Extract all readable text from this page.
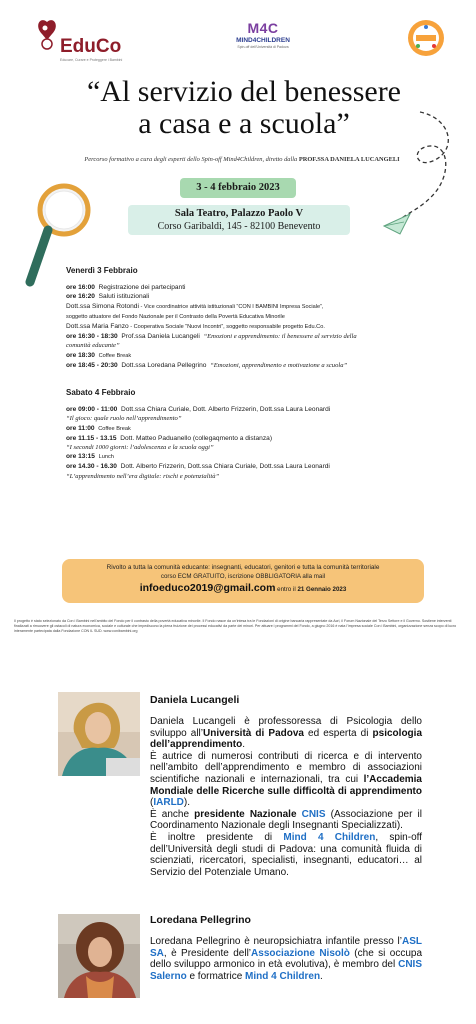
EduCo
Educare, Curare e Proteggere i Bambini
M4C
MIND4CHILDREN
Spin-off dell'Università di Padova
“Al servizio del benessere
a casa e a scuola”
Percorso formativo a cura degli esperti dello Spin-off Mind4Children, diretto dalla PROF.SSA DANIELA LUCANGELI
3 - 4 febbraio 2023
Sala Teatro, Palazzo Paolo V
Corso Garibaldi, 145 - 82100 Benevento
Venerdì 3 Febbraio
ore 16:00 Registrazione dei partecipanti
ore 16:20 Saluti istituzionali
Dott.ssa Simona Rotondi - Vice coordinatrice attività istituzionali “CON I BAMBINI Impresa Sociale”,
soggetto attuatore del Fondo Nazionale per il Contrasto della Povertà Educativa Minorile
Dott.ssa Maria Fanzo - Cooperativa Sociale “Nuovi Incontri”, soggetto responsabile progetto Edu.Co.
ore 16:30 - 18:30 Prof.ssa Daniela Lucangeli “Emozioni e apprendimento: il benessere al servizio della
comunità educante”
ore 18:30 Coffee Break
ore 18:45 - 20:30 Dott.ssa Loredana Pellegrino “Emozioni, apprendimento e motivazione a scuola”
Sabato 4 Febbraio
ore 09:00 - 11:00 Dott.ssa Chiara Curiale, Dott. Alberto Frizzerin, Dott.ssa Laura Leonardi
“Il gioco: quale ruolo nell’apprendimento”
ore 11:00 Coffee Break
ore 11.15 - 13.15 Dott. Matteo Paduanello (collegaqmento a distanza)
“I secondi 1000 giorni: l’adolescenza e la scuola oggi”
ore 13:15 Lunch
ore 14.30 - 16.30 Dott. Alberto Frizzerin, Dott.ssa Chiara Curiale, Dott.ssa Laura Leonardi
“L’apprendimento nell’era digitale: rischi e potenzialità”
Rivolto a tutta la comunità educante: insegnanti, educatori, genitori e tutta la comunità territoriale
corso ECM GRATUITO, iscrizione OBBLIGATORIA alla mail
infoeduco2019@gmail.com entro il 21 Gennaio 2023
Il progetto è stato selezionato da Con i Bambini nell'ambito del Fondo per il contrasto della povertà educativa minorile. Il Fondo nasce da un'intesa tra le Fondazioni di origine bancaria rappresentate da Acri, il Forum Nazionale del Terzo Settore e il Governo. Sostiene interventi finalizzati a rimuovere gli ostacoli di natura economica, sociale e culturale che impediscono la piena fruizione dei processi educativi da parte dei minori. Per attuare i programmi del Fondo, a giugno 2016 è nata l'impresa sociale Con i Bambini, organizzazione senza scopo di lucro interamente partecipata dalla Fondazione CON IL SUD. www.conibambini.org
Daniela Lucangeli

Daniela Lucangeli è professoressa di Psicologia dello sviluppo all’Università di Padova ed esperta di psicologia dell’apprendimento.

È autrice di numerosi contributi di ricerca e di intervento nell’ambito dell’apprendimento e membro di associazioni scientifiche nazionali e internazionali, tra cui l’Accademia Mondiale delle Ricerche sulle difficoltà di apprendimento (IARLD).

È anche presidente Nazionale CNIS (Associazione per il Coordinamento Nazionale degli Insegnanti Specializzati).

È inoltre presidente di Mind 4 Children, spin-off dell’Università degli studi di Padova: una comunità fluida di scienziati, ricercatori, specialisti, insegnanti, educatori… al Servizio del Potenziale Umano.

Loredana Pellegrino

Loredana Pellegrino è neuropsichiatra infantile presso l’ASL SA, è Presidente dell’Associazione Nisolò (che si occupa dello sviluppo armonico in età evolutiva), è membro del CNIS Salerno e formatrice Mind 4 Children.
